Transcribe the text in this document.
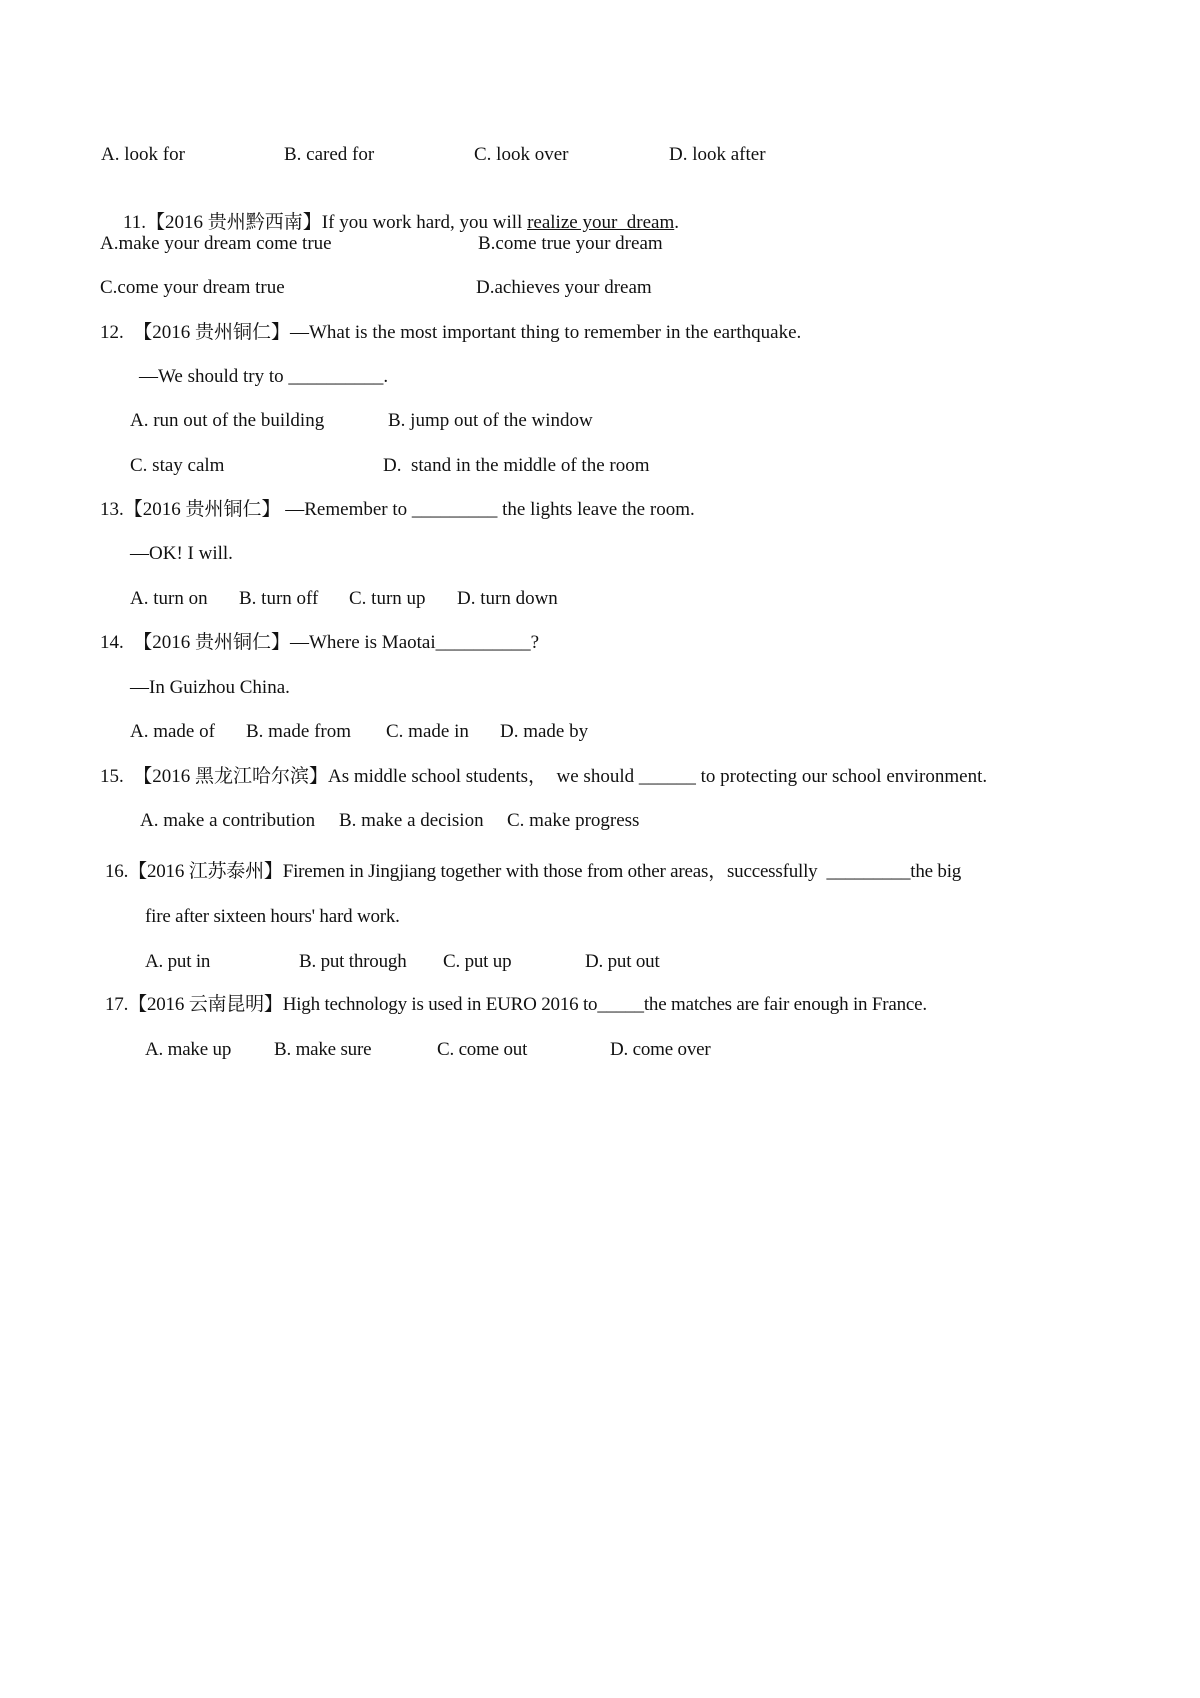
A. look for	B. cared for	C. look over	D. look after

11.【2016 贵州黔西南】If you work hard, you will realize your  dream.

A.make your dream come true	B.come true your dream
C.come your dream true	D.achieves your dream
12.  【2016 贵州铜仁】—What is the most important thing to remember in the earthquake.
—We should try to __________.
A. run out of the building	B. jump out of the window
C. stay calm	D.  stand in the middle of the room
13.【2016 贵州铜仁】 —Remember to _________ the lights leave the room.
—OK! I will.
A. turn on B. turn off C. turn up D. turn down
14.  【2016 贵州铜仁】—Where is Maotai__________?
—In Guizhou China.
A. made of B. made from C. made in D. made by
15.  【2016 黑龙江哈尔滨】As middle school students，  we should ______ to protecting our school environment.
A. make a contribution B. make a decision C. make progress
16.【2016 江苏泰州】Firemen in Jingjiang together with those from other areas，successfully  _________the big
fire after sixteen hours' hard work.
A. put in	B. put through C. put up	D. put out
17.【2016 云南昆明】High technology is used in EURO 2016 to_____the matches are fair enough in France.
A. make up B. make sure	C. come out	D. come over
